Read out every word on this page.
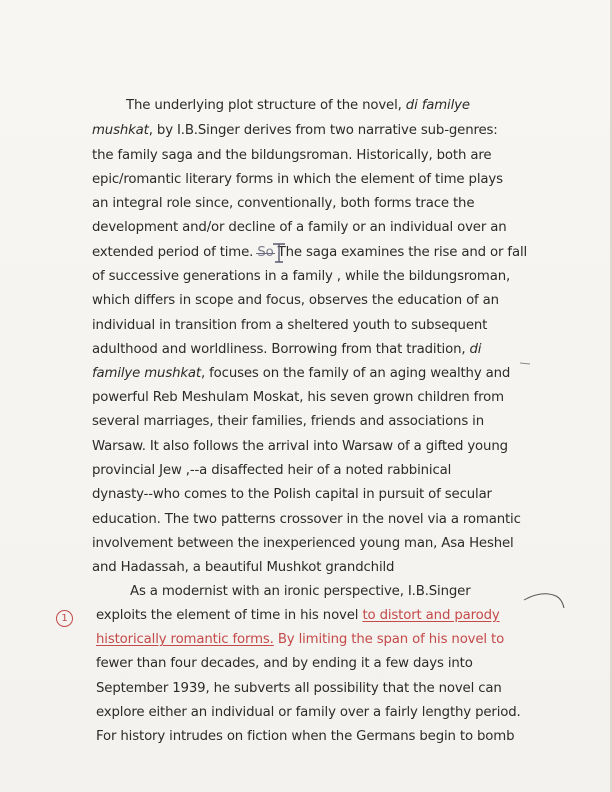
The underlying plot structure of the novel, di familye
mushkat, by I.B.Singer derives from two narrative sub-genres:
the family saga and the bildungsroman. Historically, both are
epic/romantic literary forms in which the element of time plays
an integral role since, conventionally, both forms trace the
development and/or decline of a family or an individual over an
extended period of time. So The saga examines the rise and or fall
of successive generations in a family , while the bildungsroman,
which differs in scope and focus, observes the education of an
individual in transition from a sheltered youth to subsequent
adulthood and worldliness. Borrowing from that tradition, di
familye mushkat, focuses on the family of an aging wealthy and
powerful Reb Meshulam Moskat, his seven grown children from
several marriages, their families, friends and associations in
Warsaw. It also follows the arrival into Warsaw of a gifted young
provincial Jew ,--a disaffected heir of a noted rabbinical
dynasty--who comes to the Polish capital in pursuit of secular
education. The two patterns crossover in the novel via a romantic
involvement between the inexperienced young man, Asa Heshel
and Hadassah, a beautiful Mushkot grandchild
As a modernist with an ironic perspective, I.B.Singer
exploits the element of time in his novel to distort and parody
historically romantic forms. By limiting the span of his novel to
fewer than four decades, and by ending it a few days into
September 1939, he subverts all possibility that the novel can
explore either an individual or family over a fairly lengthy period.
For history intrudes on fiction when the Germans begin to bomb
1
